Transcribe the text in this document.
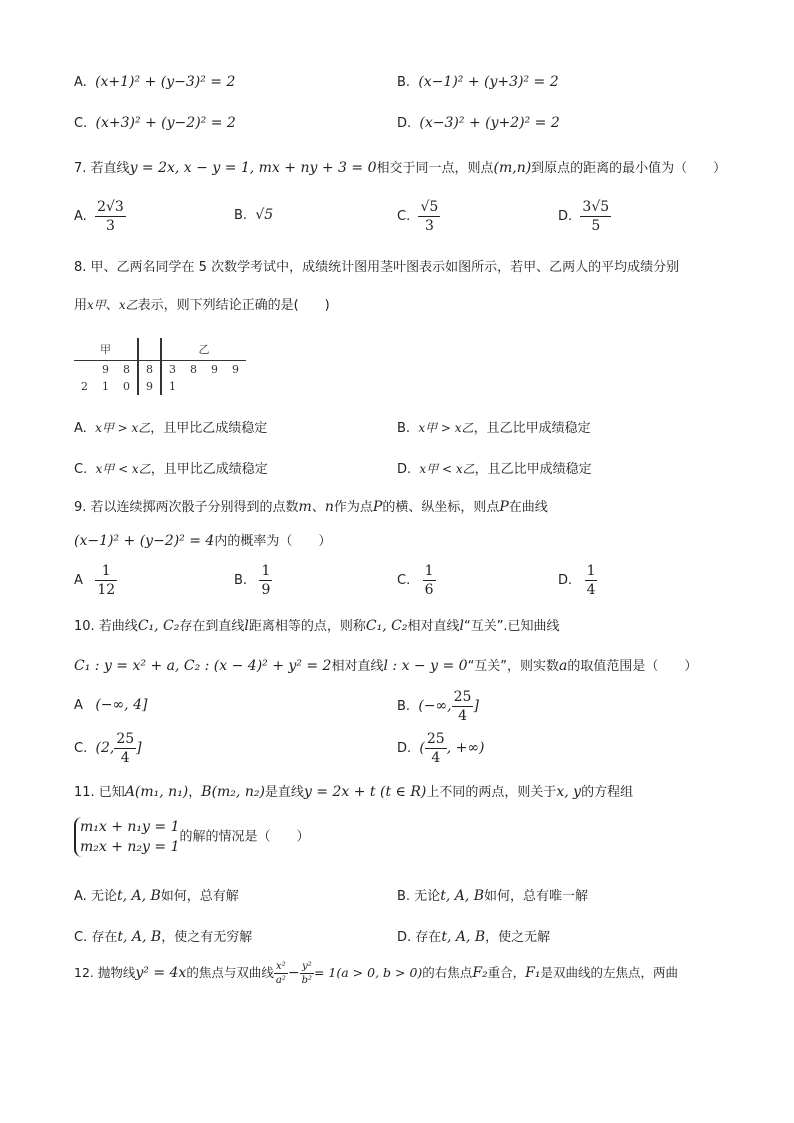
A. (x+1)² + (y−3)² = 2	B. (x−1)² + (y+3)² = 2
C. (x+3)² + (y−2)² = 2	D. (x−3)² + (y+2)² = 2
7. 若直线y = 2x, x − y = 1, mx + ny + 3 = 0相交于同一点，则点(m,n)到原点的距离的最小值为（　　）
A. $\frac{2√3}{3}$	B. √5	C. $\frac{√5}{3}$	D. $\frac{3√5}{5}$
8. 甲、乙两名同学在 5 次数学考试中，成绩统计图用茎叶图表示如图所示，若甲、乙两人的平均成绩分别
用x甲、x乙表示，则下列结论正确的是(　　)
甲				乙			
	9	8	8	3	8	9	9
2	1	0	9	1			
A. x甲 > x乙，且甲比乙成绩稳定	B. x甲 > x乙，且乙比甲成绩稳定
C. x甲 < x乙，且甲比乙成绩稳定	D. x甲 < x乙，且乙比甲成绩稳定
9. 若以连续掷两次骰子分别得到的点数m、n作为点P的横、纵坐标，则点P在曲线
(x−1)² + (y−2)² = 4内的概率为（　　）
A $\frac{1}{12}$	B. $\frac{1}{9}$	C. $\frac{1}{6}$	D. $\frac{1}{4}$
10. 若曲线C₁, C₂存在到直线l距离相等的点，则称C₁, C₂相对直线l“互关”.已知曲线
C₁ : y = x² + a, C₂ : (x − 4)² + y² = 2相对直线l : x − y = 0“互关”，则实数a的取值范围是（　　）
A (−∞, 4]	B. (−∞, $\frac{25}{4}$ ]
C. (2, $\frac{25}{4}$ ]	D. ( $\frac{25}{4}$ , +∞)
11. 已知A(m₁, n₁)，B(m₂, n₂)是直线y = 2x + t (t ∈ R)上不同的两点，则关于x, y的方程组
m₁x + n₁y = 1
m₂x + n₂y = 1
的解的情况是（　　）
A. 无论t, A, B如何，总有解	B. 无论t, A, B如何，总有唯一解
C. 存在t, A, B，使之有无穷解	D. 存在t, A, B，使之无解
12. 抛物线y² = 4x的焦点与双曲线 $\frac{\text{x²}}{\text{a²}} - \frac{\text{y²}}{\text{b²}} = 1(a > 0$, b > 0)的右焦点F₂重合，F₁是双曲线的左焦点，两曲
